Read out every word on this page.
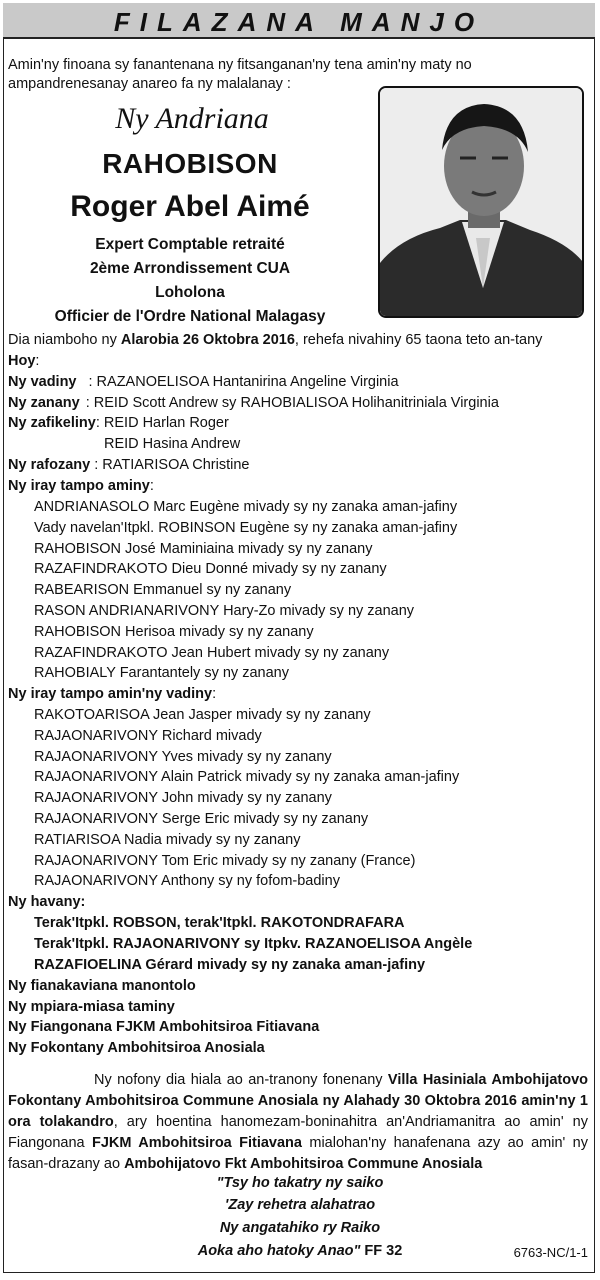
FILAZANA MANJO
Amin'ny finoana sy fanantenana ny fitsanganan'ny tena amin'ny maty no ampandrenesanay anareo fa ny malalanay :
Ny Andriana
RAHOBISON
Roger Abel Aimé
Expert Comptable retraité
2ème Arrondissement CUA
Loholona
Officier de l'Ordre National Malagasy
Dia niamboho ny Alarobia 26 Oktobra 2016, rehefa nivahiny 65 taona teto an-tany
Hoy:
Ny vadiny : RAZANOELISOA Hantanirina Angeline Virginia
Ny zanany : REID Scott Andrew sy RAHOBIALISOA Holihanitriniala Virginia
Ny zafikeliny: REID Harlan Roger
REID Hasina Andrew
Ny rafozany : RATIARISOA Christine
Ny iray tampo aminy:
ANDRIANASOLO Marc Eugène mivady sy ny zanaka aman-jafiny
Vady navelan'Itpkl. ROBINSON Eugène sy ny zanaka aman-jafiny
RAHOBISON José Maminiaina mivady sy ny zanany
RAZAFINDRAKOTO Dieu Donné mivady sy ny zanany
RABEARISON Emmanuel sy ny zanany
RASON ANDRIANARIVONY Hary-Zo mivady sy ny zanany
RAHOBISON Herisoa mivady sy ny zanany
RAZAFINDRAKOTO Jean Hubert mivady sy ny zanany
RAHOBIALY Farantantely sy ny zanany
Ny iray tampo amin'ny vadiny:
RAKOTOARISOA Jean Jasper mivady sy ny zanany
RAJAONARIVONY Richard mivady
RAJAONARIVONY Yves mivady sy ny zanany
RAJAONARIVONY Alain Patrick mivady sy ny zanaka aman-jafiny
RAJAONARIVONY John mivady sy ny zanany
RAJAONARIVONY Serge Eric mivady sy ny zanany
RATIARISOA Nadia mivady sy ny zanany
RAJAONARIVONY Tom Eric mivady sy ny zanany (France)
RAJAONARIVONY Anthony sy ny fofom-badiny
Ny havany:
Terak'Itpkl. ROBSON, terak'Itpkl. RAKOTONDRAFARA
Terak'Itpkl. RAJAONARIVONY sy Itpkv. RAZANOELISOA Angèle
RAZAFIOELINA Gérard mivady sy ny zanaka aman-jafiny
Ny fianakaviana manontolo
Ny mpiara-miasa taminy
Ny Fiangonana FJKM Ambohitsiroa Fitiavana
Ny Fokontany Ambohitsiroa Anosiala
Ny nofony dia hiala ao an-tranony fonenany Villa Hasiniala Ambohijatovo Fokontany Ambohitsiroa Commune Anosiala ny Alahady 30 Oktobra 2016 amin'ny 1 ora tolakandro, ary hoentina hanomezam-boninahitra an'Andriamanitra ao amin' ny Fiangonana FJKM Ambohitsiroa Fitiavana mialohan'ny hanafenana azy ao amin' ny fasan-drazany ao Ambohijatovo Fkt Ambohitsiroa Commune Anosiala
"Tsy ho takatry ny saiko
'Zay rehetra alahatrao
Ny angatahiko ry Raiko
Aoka aho hatoky Anao" FF 32	6763-NC/1-1
